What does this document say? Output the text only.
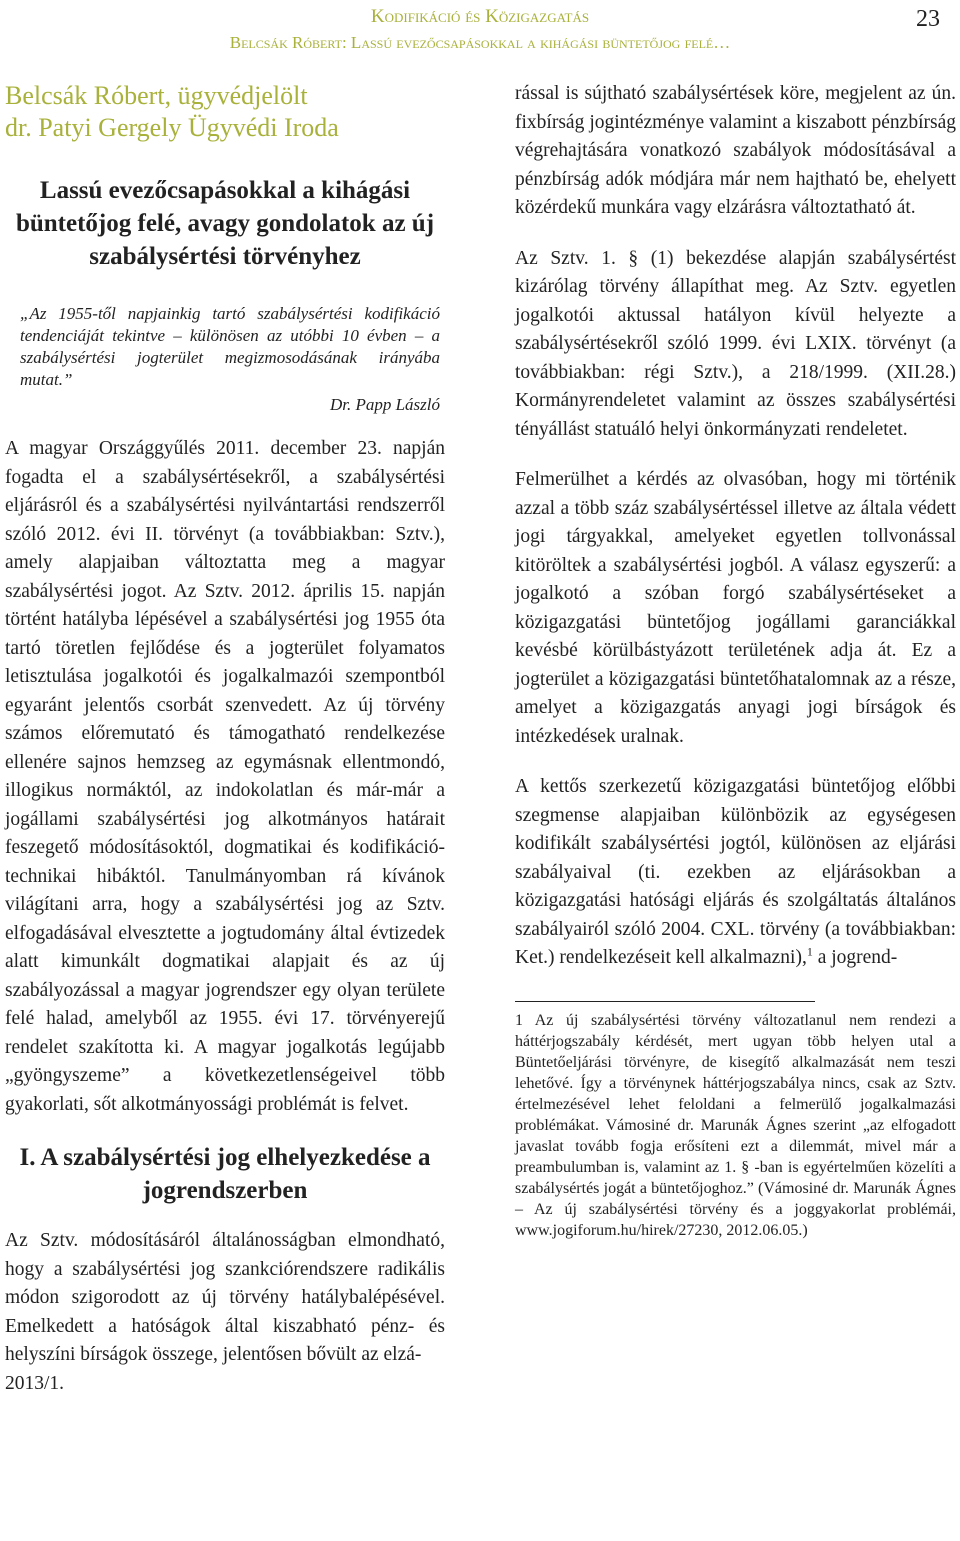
Kodifikáció és Közigazgatás
Belcsák Róbert: Lassú evezőcsapásokkal a kihágási büntetőjog felé…
23
Belcsák Róbert, ügyvédjelölt
dr. Patyi Gergely Ügyvédi Iroda
Lassú evezőcsapásokkal a kihágási büntetőjog felé, avagy gondolatok az új szabálysértési törvényhez
„Az 1955-től napjainkig tartó szabálysértési kodifikáció tendenciáját tekintve – különösen az utóbbi 10 évben – a szabálysértési jogterület megizmosodásának irányába mutat.”
Dr. Papp László

A magyar Országgyűlés 2011. december 23. napján fogadta el a szabálysértésekről, a szabálysértési eljárásról és a szabálysértési nyilvántartási rendszerről szóló 2012. évi II. törvényt (a továbbiakban: Sztv.), amely alapjaiban változtatta meg a magyar szabálysértési jogot. Az Sztv. 2012. április 15. napján történt hatályba lépésével a szabálysértési jog 1955 óta tartó töretlen fejlődése és a jogterület folyamatos letisztulása jogalkotói és jogalkalmazói szempontból egyaránt jelentős csorbát szenvedett. Az új törvény számos előremutató és támogatható rendelkezése ellenére sajnos hemzseg az egymásnak ellentmondó, illogikus normáktól, az indokolatlan és már-már a jogállami szabálysértési jog alkotmányos határait feszegető módosításoktól, dogmatikai és kodifikáció-technikai hibáktól. Tanulmányomban rá kívánok világítani arra, hogy a szabálysértési jog az Sztv. elfogadásával elvesztette a jogtudomány által évtizedek alatt kimunkált dogmatikai alapjait és az új szabályozással a magyar jogrendszer egy olyan területe felé halad, amelyből az 1955. évi 17. törvényerejű rendelet szakította ki. A magyar jogalkotás legújabb „gyöngyszeme” a következetlenségeivel több gyakorlati, sőt alkotmányossági problémát is felvet.

I. A szabálysértési jog elhelyezkedése a jogrendszerben

Az Sztv. módosításáról általánosságban elmondható, hogy a szabálysértési jog szankciórendszere radikális módon szigorodott az új törvény hatálybalépésével. Emelkedett a hatóságok által kiszabható pénz- és helyszíni bírságok összege, jelentősen bővült az elzá-

2013/1.

rással is sújtható szabálysértések köre, megjelent az ún. fixbírság jogintézménye valamint a kiszabott pénzbírság végrehajtására vonatkozó szabályok módosításával a pénzbírság adók módjára már nem hajtható be, ehelyett közérdekű munkára vagy elzárásra változtatható át.

Az Sztv. 1. § (1) bekezdése alapján szabálysértést kizárólag törvény állapíthat meg. Az Sztv. egyetlen jogalkotói aktussal hatályon kívül helyezte a szabálysértésekről szóló 1999. évi LXIX. törvényt (a továbbiakban: régi Sztv.), a 218/1999. (XII.28.) Kormányrendeletet valamint az összes szabálysértési tényállást statuáló helyi önkormányzati rendeletet.

Felmerülhet a kérdés az olvasóban, hogy mi történik azzal a több száz szabálysértéssel illetve az általa védett jogi tárgyakkal, amelyeket egyetlen tollvonással kitöröltek a szabálysértési jogból. A válasz egyszerű: a jogalkotó a szóban forgó szabálysértéseket a közigazgatási büntetőjog jogállami garanciákkal kevésbé körülbástyázott területének adja át. Ez a jogterület a közigazgatási büntetőhatalomnak az a része, amelyet a közigazgatás anyagi jogi bírságok és intézkedések uralnak.

A kettős szerkezetű közigazgatási büntetőjog előbbi szegmense alapjaiban különbözik az egységesen kodifikált szabálysértési jogtól, különösen az eljárási szabályaival (ti. ezekben az eljárásokban a közigazgatási hatósági eljárás és szolgáltatás általános szabályairól szóló 2004. CXL. törvény (a továbbiakban: Ket.) rendelkezéseit kell alkalmazni),$^1$ a jogrend-

1 Az új szabálysértési törvény változatlanul nem rendezi a háttérjogszabály kérdését, mert ugyan több helyen utal a Büntetőeljárási törvényre, de kisegítő alkalmazását nem teszi lehetővé. Így a törvénynek háttérjogszabálya nincs, csak az Sztv. értelmezésével lehet feloldani a felmerülő jogalkalmazási problémákat. Vámosiné dr. Marunák Ágnes szerint „az elfogadott javaslat tovább fogja erősíteni ezt a dilemmát, mivel már a preambulumban is, valamint az 1. § -ban is egyértelműen közelíti a szabálysértés jogát a büntetőjoghoz.” (Vámosiné dr. Marunák Ágnes – Az új szabálysértési törvény és a joggyakorlat problémái, www.jogiforum.hu/hirek/27230, 2012.06.05.)
